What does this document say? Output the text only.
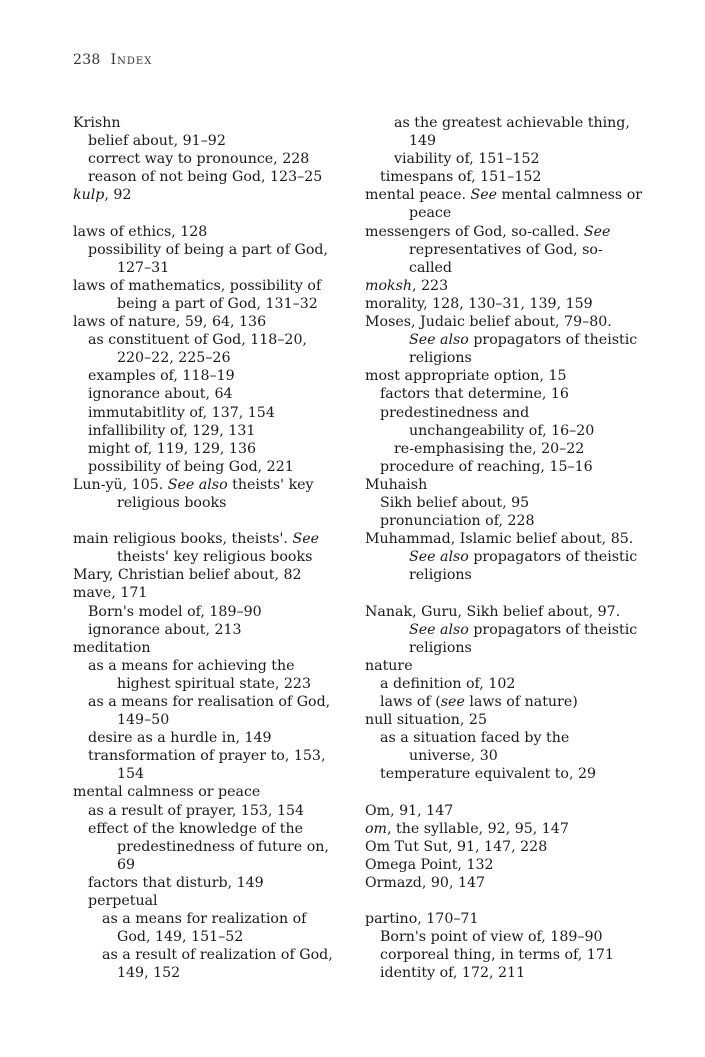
238 Index
Krishn
belief about, 91–92
correct way to pronounce, 228
reason of not being God, 123–25
kulp, 92
laws of ethics, 128
possibility of being a part of God,
127–31
laws of mathematics, possibility of
being a part of God, 131–32
laws of nature, 59, 64, 136
as constituent of God, 118–20,
220–22, 225–26
examples of, 118–19
ignorance about, 64
immutabitlity of, 137, 154
infallibility of, 129, 131
might of, 119, 129, 136
possibility of being God, 221
Lun-yü, 105. See also theists' key
religious books
main religious books, theists'. See
theists' key religious books
Mary, Christian belief about, 82
mave, 171
Born's model of, 189–90
ignorance about, 213
meditation
as a means for achieving the
highest spiritual state, 223
as a means for realisation of God,
149–50
desire as a hurdle in, 149
transformation of prayer to, 153,
154
mental calmness or peace
as a result of prayer, 153, 154
effect of the knowledge of the
predestinedness of future on,
69
factors that disturb, 149
perpetual
as a means for realization of
God, 149, 151–52
as a result of realization of God,
149, 152
as the greatest achievable thing,
149
viability of, 151–152
timespans of, 151–152
mental peace. See mental calmness or
peace
messengers of God, so-called. See
representatives of God, so-
called
moksh, 223
morality, 128, 130–31, 139, 159
Moses, Judaic belief about, 79–80.
See also propagators of theistic
religions
most appropriate option, 15
factors that determine, 16
predestinedness and
unchangeability of, 16–20
re-emphasising the, 20–22
procedure of reaching, 15–16
Muhaish
Sikh belief about, 95
pronunciation of, 228
Muhammad, Islamic belief about, 85.
See also propagators of theistic
religions
Nanak, Guru, Sikh belief about, 97.
See also propagators of theistic
religions
nature
a definition of, 102
laws of (see laws of nature)
null situation, 25
as a situation faced by the
universe, 30
temperature equivalent to, 29
Om, 91, 147
om, the syllable, 92, 95, 147
Om Tut Sut, 91, 147, 228
Omega Point, 132
Ormazd, 90, 147
partino, 170–71
Born's point of view of, 189–90
corporeal thing, in terms of, 171
identity of, 172, 211
